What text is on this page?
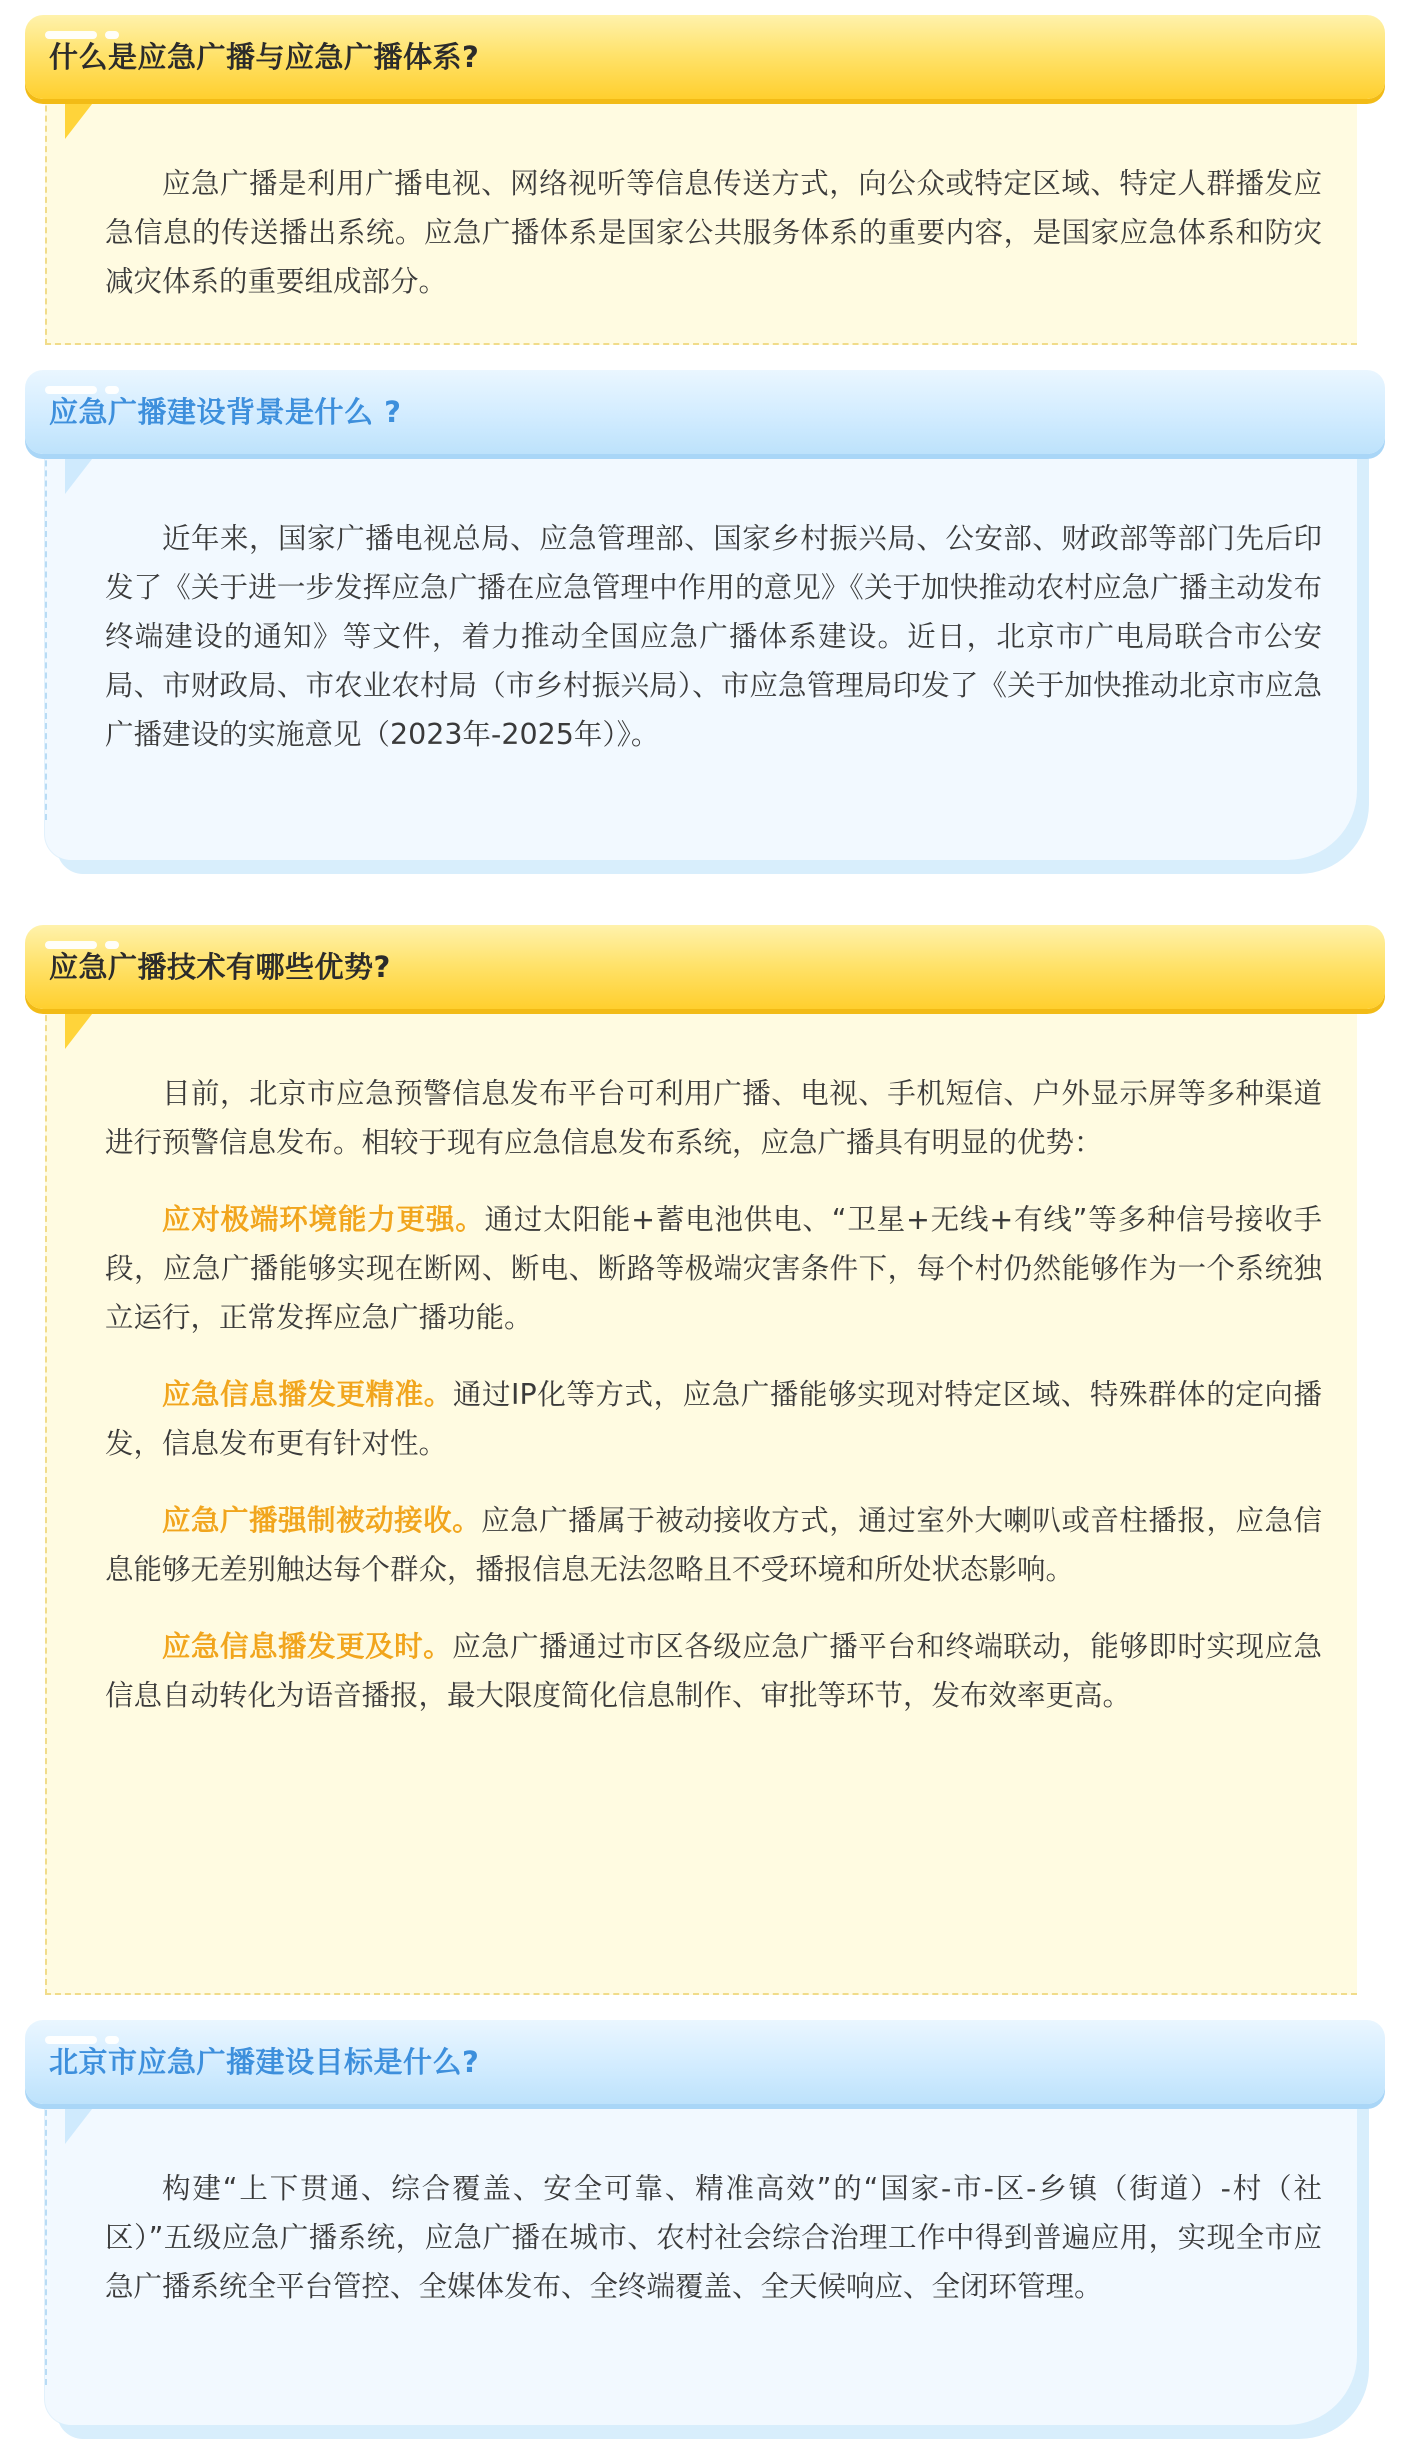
应急广播是利用广播电视、网络视听等信息传送方式，向公众或特定区域、特定人群播发应急信息的传送播出系统。应急广播体系是国家公共服务体系的重要内容，是国家应急体系和防灾减灾体系的重要组成部分。

什么是应急广播与应急广播体系?

近年来，国家广播电视总局、应急管理部、国家乡村振兴局、公安部、财政部等部门先后印发了《关于进一步发挥应急广播在应急管理中作用的意见》《关于加快推动农村应急广播主动发布终端建设的通知》等文件，着力推动全国应急广播体系建设。近日，北京市广电局联合市公安局、市财政局、市农业农村局（市乡村振兴局）、市应急管理局印发了《关于加快推动北京市应急广播建设的实施意见（2023年-2025年）》。

应急广播建设背景是什么 ?

目前，北京市应急预警信息发布平台可利用广播、电视、手机短信、户外显示屏等多种渠道进行预警信息发布。相较于现有应急信息发布系统，应急广播具有明显的优势：

应对极端环境能力更强。通过太阳能+蓄电池供电、“卫星+无线+有线”等多种信号接收手段，应急广播能够实现在断网、断电、断路等极端灾害条件下，每个村仍然能够作为一个系统独立运行，正常发挥应急广播功能。

应急信息播发更精准。通过IP化等方式，应急广播能够实现对特定区域、特殊群体的定向播发，信息发布更有针对性。

应急广播强制被动接收。应急广播属于被动接收方式，通过室外大喇叭或音柱播报，应急信息能够无差别触达每个群众，播报信息无法忽略且不受环境和所处状态影响。

应急信息播发更及时。应急广播通过市区各级应急广播平台和终端联动，能够即时实现应急信息自动转化为语音播报，最大限度简化信息制作、审批等环节，发布效率更高。

应急广播技术有哪些优势?

构建“上下贯通、综合覆盖、安全可靠、精准高效”的“国家-市-区-乡镇（街道）-村（社区）”五级应急广播系统，应急广播在城市、农村社会综合治理工作中得到普遍应用，实现全市应急广播系统全平台管控、全媒体发布、全终端覆盖、全天候响应、全闭环管理。

北京市应急广播建设目标是什么?
